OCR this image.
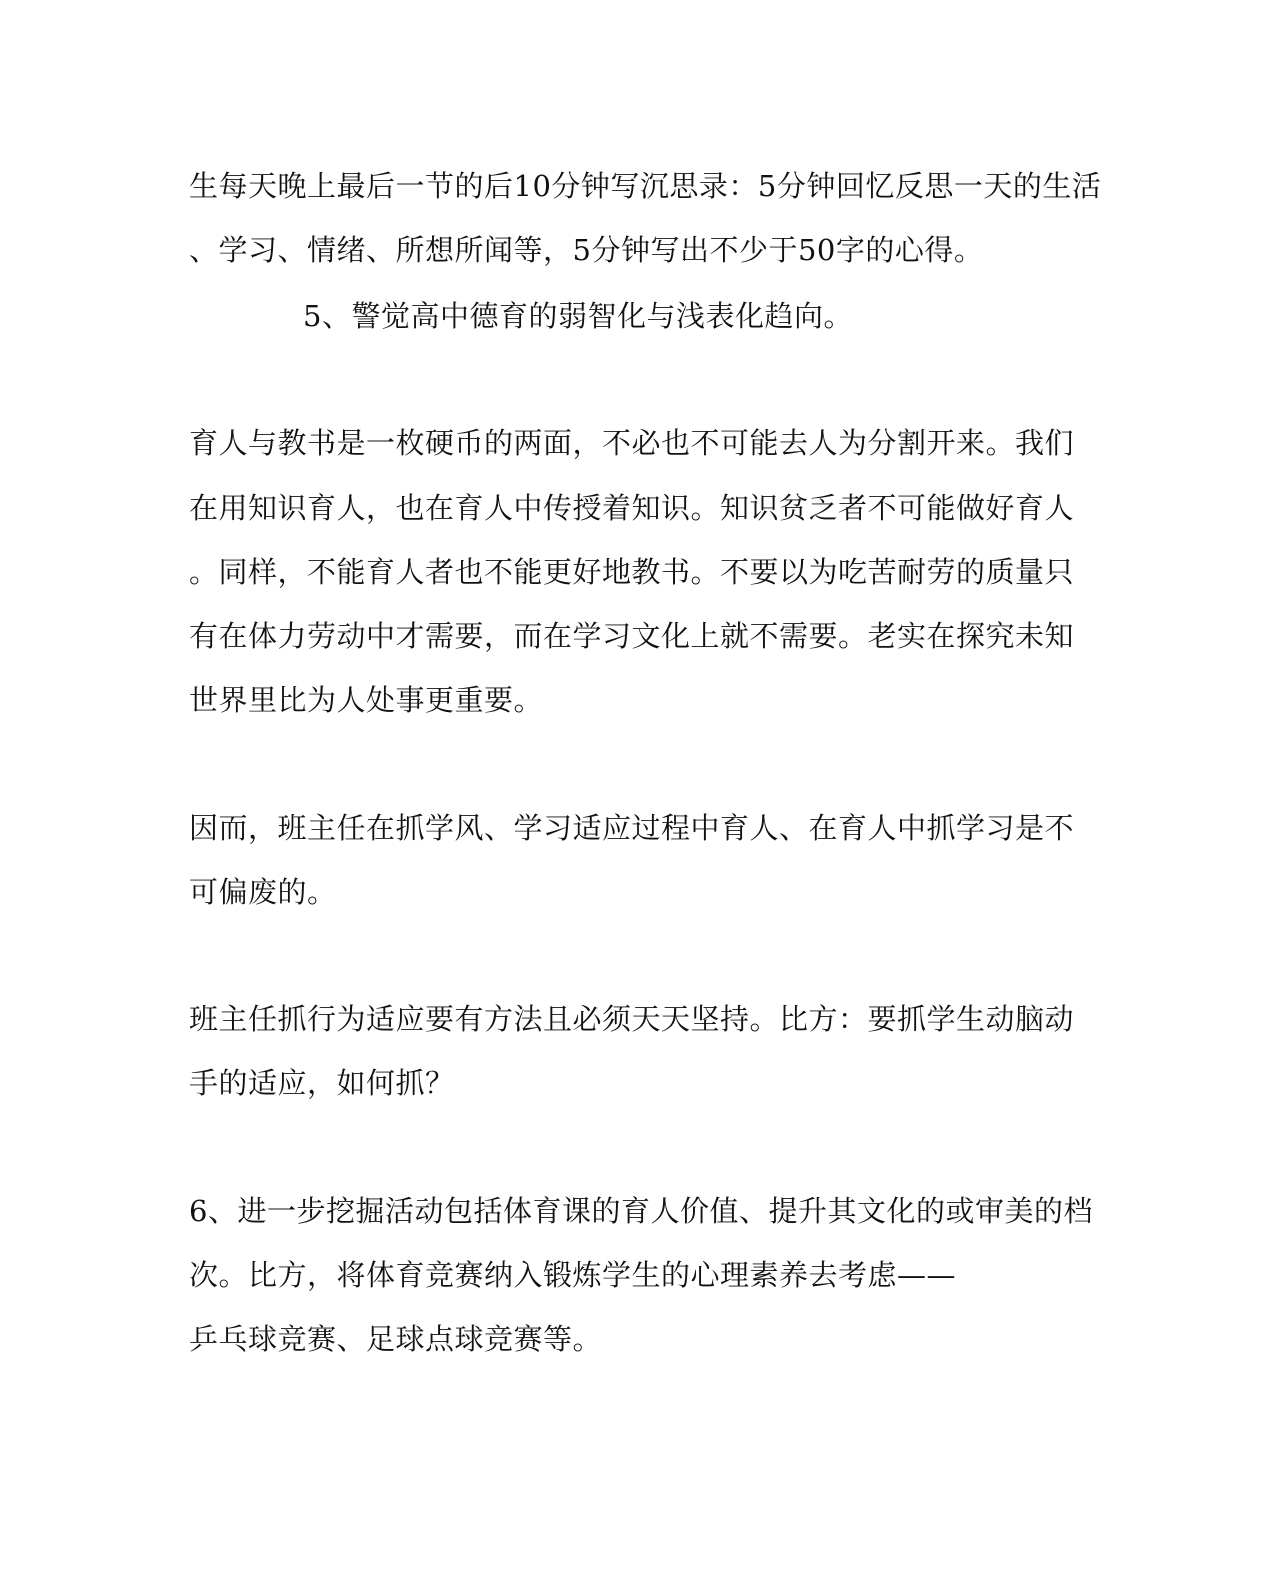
生每天晚上最后一节的后10分钟写沉思录：5分钟回忆反思一天的生活
、学习、情绪、所想所闻等，5分钟写出不少于50字的心得。
5、警觉高中德育的弱智化与浅表化趋向。
育人与教书是一枚硬币的两面，不必也不可能去人为分割开来。我们
在用知识育人，也在育人中传授着知识。知识贫乏者不可能做好育人
。同样，不能育人者也不能更好地教书。不要以为吃苦耐劳的质量只
有在体力劳动中才需要，而在学习文化上就不需要。老实在探究未知
世界里比为人处事更重要。
因而，班主任在抓学风、学习适应过程中育人、在育人中抓学习是不
可偏废的。
班主任抓行为适应要有方法且必须天天坚持。比方：要抓学生动脑动
手的适应，如何抓？
6、进一步挖掘活动包括体育课的育人价值、提升其文化的或审美的档
次。比方，将体育竞赛纳入锻炼学生的心理素养去考虑——
乒乓球竞赛、足球点球竞赛等。
